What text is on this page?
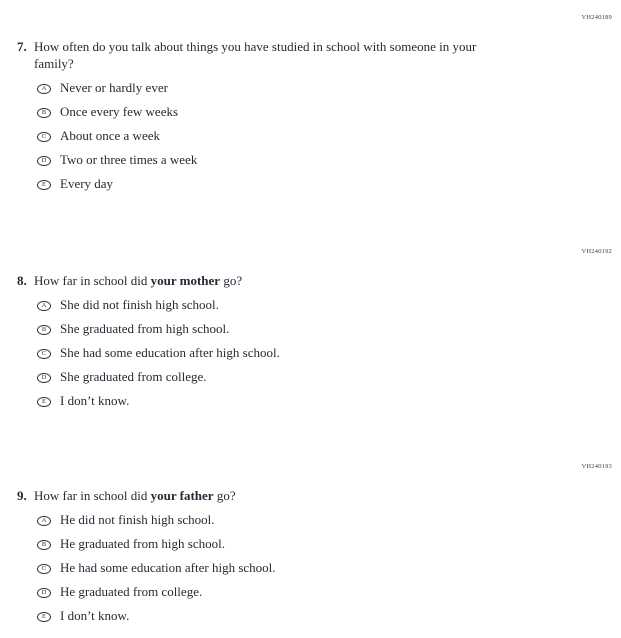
VH240189
7. How often do you talk about things you have studied in school with someone in your family?
A Never or hardly ever
B Once every few weeks
C About once a week
D Two or three times a week
E Every day
VH240192
8. How far in school did your mother go?
A She did not finish high school.
B She graduated from high school.
C She had some education after high school.
D She graduated from college.
E I don’t know.
VH240193
9. How far in school did your father go?
A He did not finish high school.
B He graduated from high school.
C He had some education after high school.
D He graduated from college.
E I don’t know.
